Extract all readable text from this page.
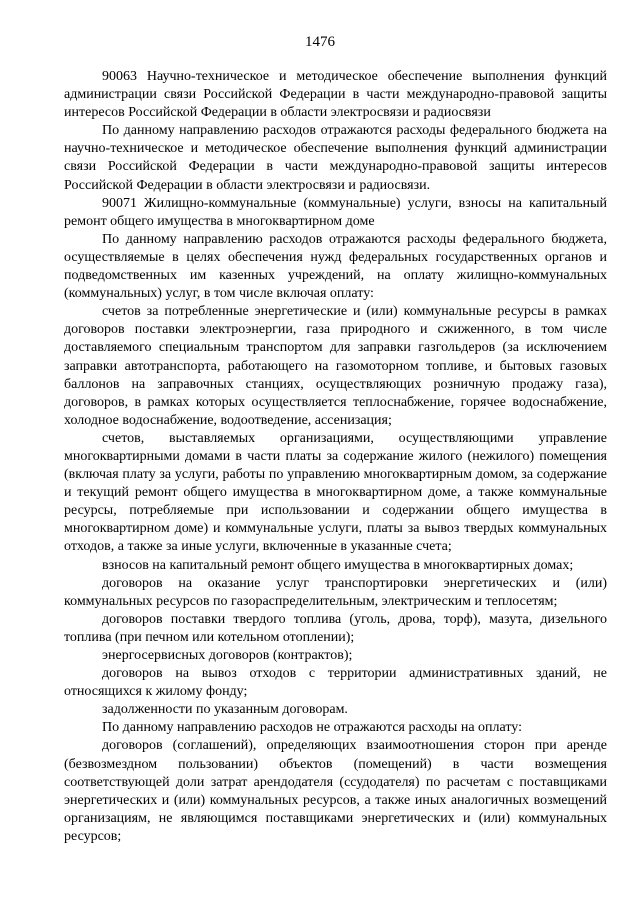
1476

90063 Научно-техническое и методическое обеспечение выполнения функций администрации связи Российской Федерации в части международно-правовой защиты интересов Российской Федерации в области электросвязи и радиосвязи

По данному направлению расходов отражаются расходы федерального бюджета на научно-техническое и методическое обеспечение выполнения функций администрации связи Российской Федерации в части международно-правовой защиты интересов Российской Федерации в области электросвязи и радиосвязи.

90071 Жилищно-коммунальные (коммунальные) услуги, взносы на капитальный ремонт общего имущества в многоквартирном доме

По данному направлению расходов отражаются расходы федерального бюджета, осуществляемые в целях обеспечения нужд федеральных государственных органов и подведомственных им казенных учреждений, на оплату жилищно-коммунальных (коммунальных) услуг, в том числе включая оплату:

счетов за потребленные энергетические и (или) коммунальные ресурсы в рамках договоров поставки электроэнергии, газа природного и сжиженного, в том числе доставляемого специальным транспортом для заправки газгольдеров (за исключением заправки автотранспорта, работающего на газомоторном топливе, и бытовых газовых баллонов на заправочных станциях, осуществляющих розничную продажу газа), договоров, в рамках которых осуществляется теплоснабжение, горячее водоснабжение, холодное водоснабжение, водоотведение, ассенизация;

счетов, выставляемых организациями, осуществляющими управление многоквартирными домами в части платы за содержание жилого (нежилого) помещения (включая плату за услуги, работы по управлению многоквартирным домом, за содержание и текущий ремонт общего имущества в многоквартирном доме, а также коммунальные ресурсы, потребляемые при использовании и содержании общего имущества в многоквартирном доме) и коммунальные услуги, платы за вывоз твердых коммунальных отходов, а также за иные услуги, включенные в указанные счета;

взносов на капитальный ремонт общего имущества в многоквартирных домах;

договоров на оказание услуг транспортировки энергетических и (или) коммунальных ресурсов по газораспределительным, электрическим и теплосетям;

договоров поставки твердого топлива (уголь, дрова, торф), мазута, дизельного топлива (при печном или котельном отоплении);

энергосервисных договоров (контрактов);

договоров на вывоз отходов с территории административных зданий, не относящихся к жилому фонду;

задолженности по указанным договорам.

По данному направлению расходов не отражаются расходы на оплату:

договоров (соглашений), определяющих взаимоотношения сторон при аренде (безвозмездном пользовании) объектов (помещений) в части возмещения соответствующей доли затрат арендодателя (ссудодателя) по расчетам с поставщиками энергетических и (или) коммунальных ресурсов, а также иных аналогичных возмещений организациям, не являющимся поставщиками энергетических и (или) коммунальных ресурсов;
